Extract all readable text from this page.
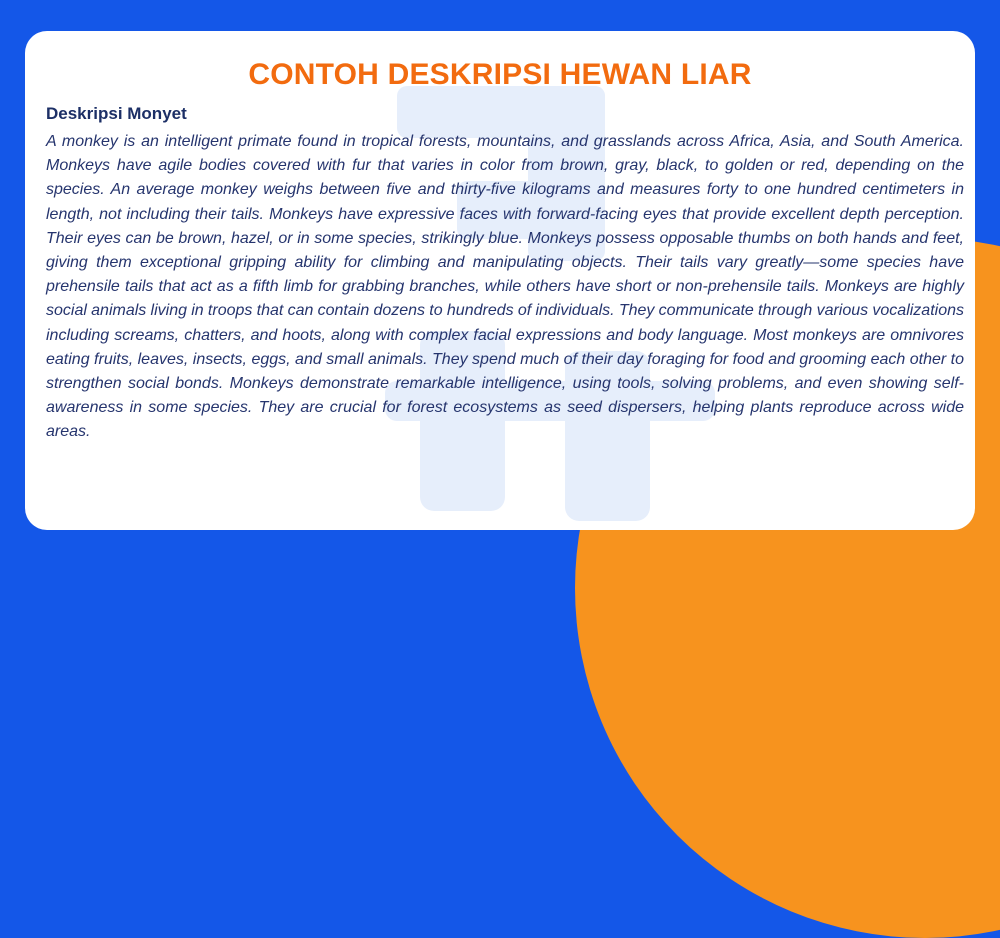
CONTOH DESKRIPSI HEWAN LIAR
Deskripsi Monyet

A monkey is an intelligent primate found in tropical forests, mountains, and grasslands across Africa, Asia, and South America. Monkeys have agile bodies covered with fur that varies in color from brown, gray, black, to golden or red, depending on the species. An average monkey weighs between five and thirty-five kilograms and measures forty to one hundred centimeters in length, not including their tails. Monkeys have expressive faces with forward-facing eyes that provide excellent depth perception. Their eyes can be brown, hazel, or in some species, strikingly blue. Monkeys possess opposable thumbs on both hands and feet, giving them exceptional gripping ability for climbing and manipulating objects. Their tails vary greatly—some species have prehensile tails that act as a fifth limb for grabbing branches, while others have short or non-prehensile tails. Monkeys are highly social animals living in troops that can contain dozens to hundreds of individuals. They communicate through various vocalizations including screams, chatters, and hoots, along with complex facial expressions and body language. Most monkeys are omnivores eating fruits, leaves, insects, eggs, and small animals. They spend much of their day foraging for food and grooming each other to strengthen social bonds. Monkeys demonstrate remarkable intelligence, using tools, solving problems, and even showing self-awareness in some species. They are crucial for forest ecosystems as seed dispersers, helping plants reproduce across wide areas.
